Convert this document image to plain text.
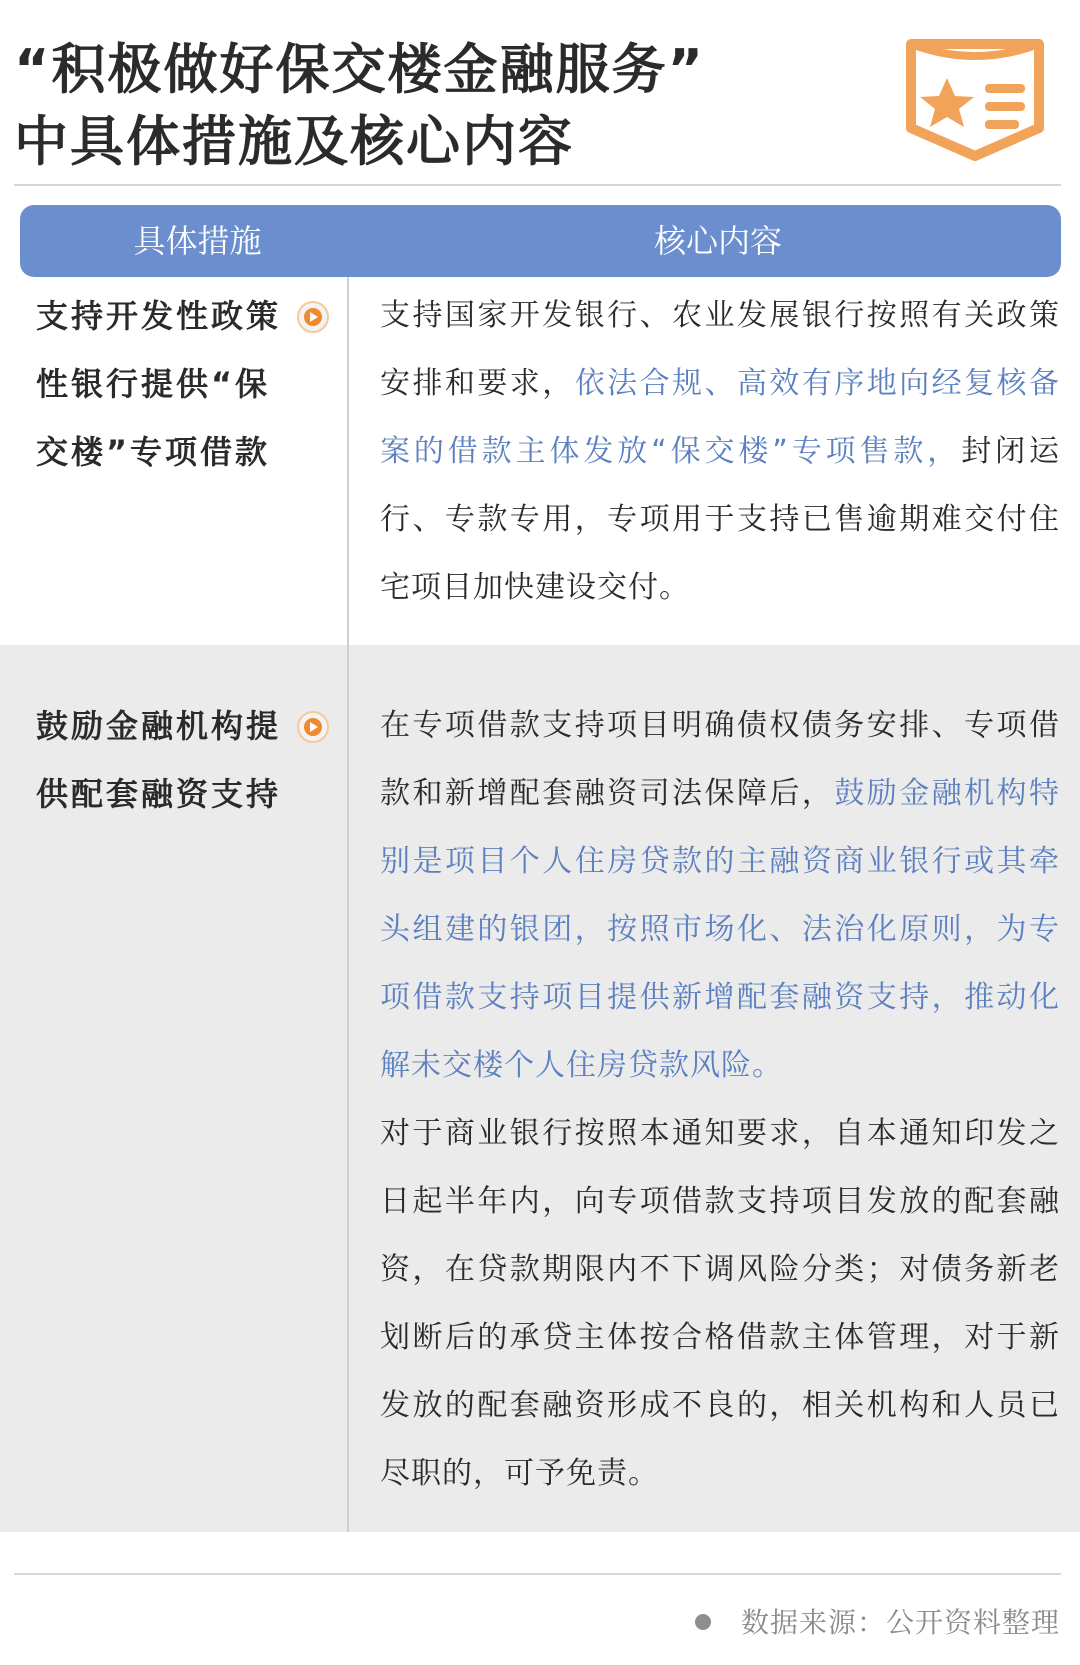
“积极做好保交楼金融服务”
中具体措施及核心内容
具体措施	核心内容
支持开发性政策性银行提供“保交楼”专项借款

支持国家开发银行、农业发展银行按照有关政策安排和要求，依法合规、高效有序地向经复核备案的借款主体发放“保交楼”专项售款，封闭运行、专款专用，专项用于支持已售逾期难交付住宅项目加快建设交付。

鼓励金融机构提供配套融资支持

在专项借款支持项目明确债权债务安排、专项借款和新增配套融资司法保障后，鼓励金融机构特别是项目个人住房贷款的主融资商业银行或其牵头组建的银团，按照市场化、法治化原则，为专项借款支持项目提供新增配套融资支持，推动化解未交楼个人住房贷款风险。

对于商业银行按照本通知要求，自本通知印发之日起半年内，向专项借款支持项目发放的配套融资，在贷款期限内不下调风险分类；对债务新老划断后的承贷主体按合格借款主体管理，对于新发放的配套融资形成不良的，相关机构和人员已尽职的，可予免责。

数据来源：公开资料整理
